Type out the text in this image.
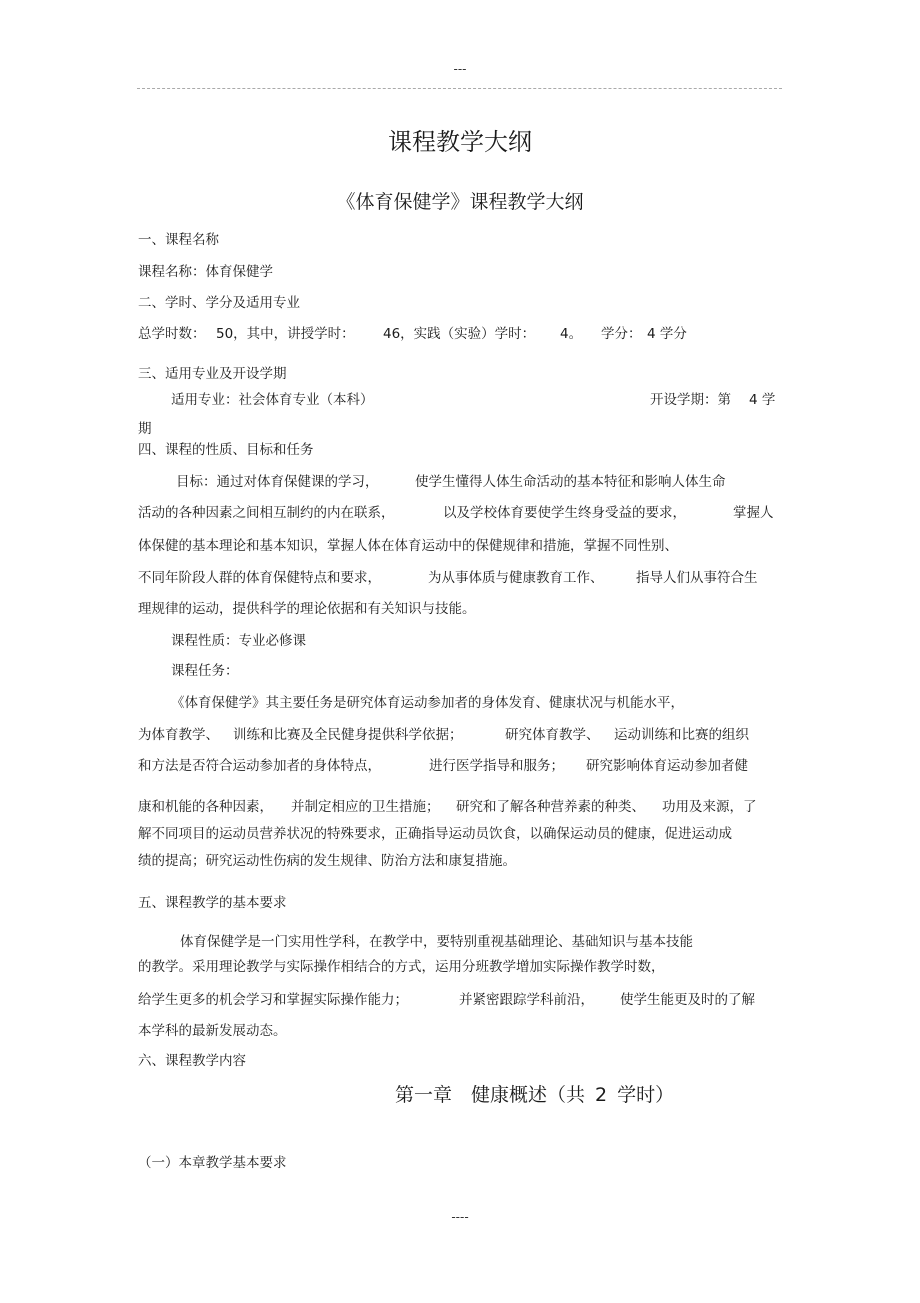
---
课程教学大纲
《体育保健学》课程教学大纲
一、课程名称
课程名称：体育保健学
二、学时、学分及适用专业
总学时数： 50，其中，讲授学时： 46，实践（实验）学时： 4。 学分： 4 学分
三、适用专业及开设学期
适用专业：社会体育专业（本科）	开设学期：第 4 学
期
四、课程的性质、目标和任务
目标：通过对体育保健课的学习，	使学生懂得人体生命活动的基本特征和影响人体生命
活动的各种因素之间相互制约的内在联系，	以及学校体育要使学生终身受益的要求，	掌握人
体保健的基本理论和基本知识，掌握人体在体育运动中的保健规律和措施，掌握不同性别、
不同年阶段人群的体育保健特点和要求，	为从事体质与健康教育工作、 指导人们从事符合生
理规律的运动，提供科学的理论依据和有关知识与技能。
课程性质：专业必修课
课程任务：
《体育保健学》其主要任务是研究体育运动参加者的身体发育、健康状况与机能水平，
为体育教学、 训练和比赛及全民健身提供科学依据；	研究体育教学、 运动训练和比赛的组织
和方法是否符合运动参加者的身体特点，	进行医学指导和服务； 研究影响体育运动参加者健
康和机能的各种因素， 并制定相应的卫生措施； 研究和了解各种营养素的种类、 功用及来源，了
解不同项目的运动员营养状况的特殊要求，正确指导运动员饮食，以确保运动员的健康，促进运动成
绩的提高；研究运动性伤病的发生规律、防治方法和康复措施。
五、课程教学的基本要求
体育保健学是一门实用性学科，在教学中，要特别重视基础理论、基础知识与基本技能
的教学。采用理论教学与实际操作相结合的方式，运用分班教学增加实际操作教学时数，
给学生更多的机会学习和掌握实际操作能力；	并紧密跟踪学科前沿， 使学生能更及时的了解
本学科的最新发展动态。
六、课程教学内容
第一章　健康概述（共 2 学时）
（一）本章教学基本要求
----
